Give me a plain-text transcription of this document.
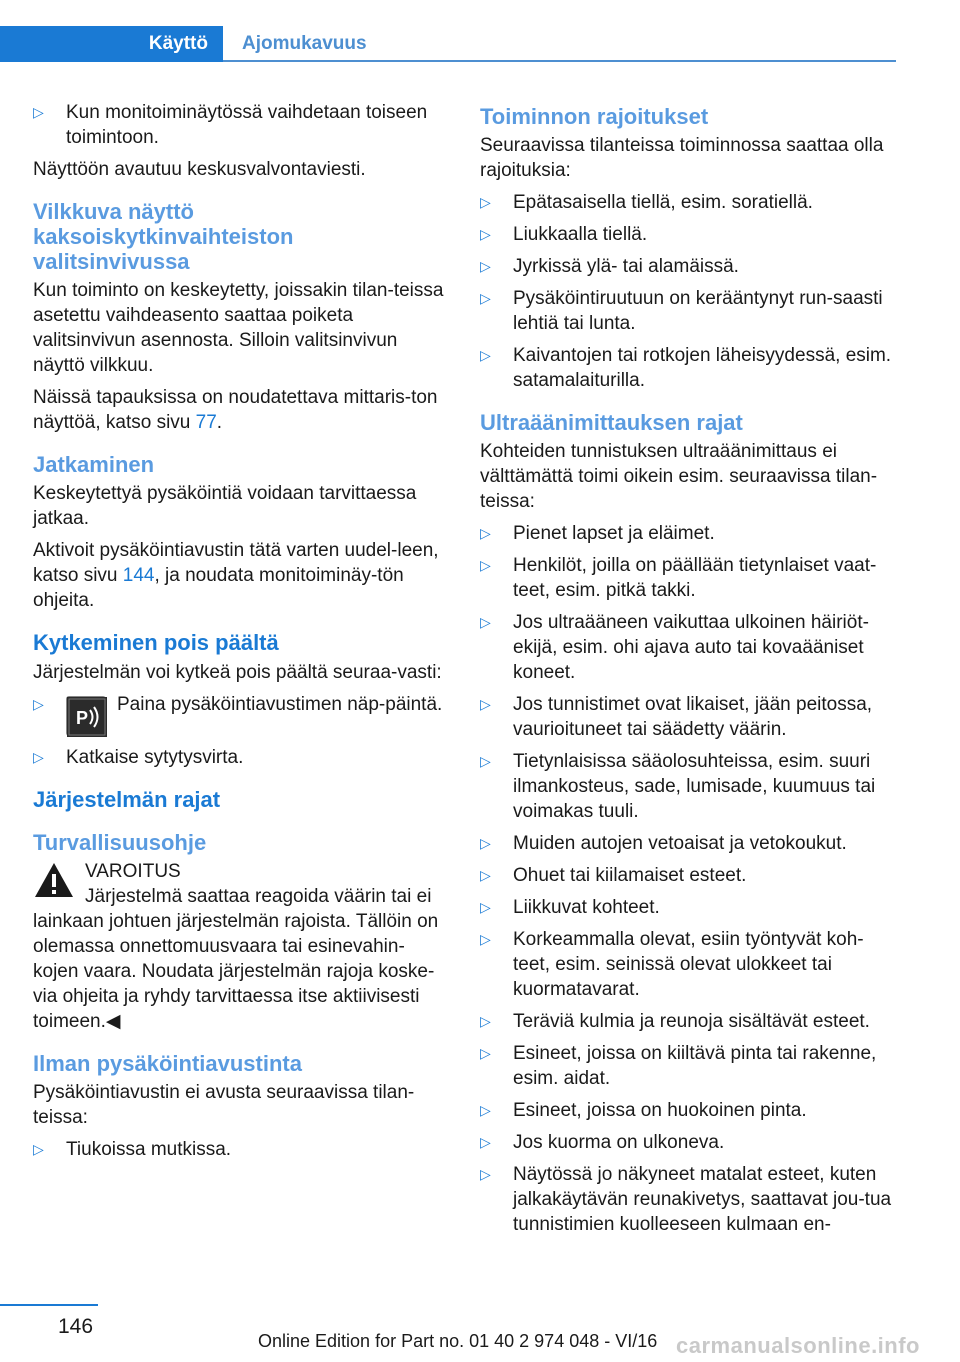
Käyttö	Ajomukavuus
▷ Kun monitoiminäytössä vaihdetaan toiseen toimintoon.
Näyttöön avautuu keskusvalvontaviesti.
Vilkkuva näyttö kaksoiskytkinvaihteiston valitsinvivussa
Kun toiminto on keskeytetty, joissakin tilan‐teissa asetettu vaihdeasento saattaa poiketa valitsinvivun asennosta. Silloin valitsinvivun näyttö vilkkuu.
Näissä tapauksissa on noudatettava mittaris‐ton näyttöä, katso sivu 77.
Jatkaminen
Keskeytettyä pysäköintiä voidaan tarvittaessa jatkaa.
Aktivoit pysäköintiavustin tätä varten uudel‐leen, katso sivu 144, ja noudata monitoiminäy‐tön ohjeita.
Kytkeminen pois päältä
Järjestelmän voi kytkeä pois päältä seuraa‐vasti:
▷
P
Paina pysäköintiavustimen näp‐päintä.
▷ Katkaise sytytysvirta.
Järjestelmän rajat
Turvallisuusohje
VAROITUS
Järjestelmä saattaa reagoida väärin tai ei lainkaan johtuen järjestelmän rajoista. Tällöin on olemassa onnettomuusvaara tai esinevahin‐kojen vaara. Noudata järjestelmän rajoja koske‐via ohjeita ja ryhdy tarvittaessa itse aktiivisesti toimeen.◀
Ilman pysäköintiavustinta
Pysäköintiavustin ei avusta seuraavissa tilan‐teissa:
▷ Tiukoissa mutkissa.
Toiminnon rajoitukset
Seuraavissa tilanteissa toiminnossa saattaa olla rajoituksia:
▷ Epätasaisella tiellä, esim. soratiellä.
▷ Liukkaalla tiellä.
▷ Jyrkissä ylä- tai alamäissä.
▷ Pysäköintiruutuun on kerääntynyt run‐saasti lehtiä tai lunta.
▷ Kaivantojen tai rotkojen läheisyydessä, esim. satamalaiturilla.
Ultraäänimittauksen rajat
Kohteiden tunnistuksen ultraäänimittaus ei välttämättä toimi oikein esim. seuraavissa tilan‐teissa:
▷ Pienet lapset ja eläimet.
▷ Henkilöt, joilla on päällään tietynlaiset vaat‐teet, esim. pitkä takki.
▷ Jos ultraääneen vaikuttaa ulkoinen häiriöt‐ekijä, esim. ohi ajava auto tai kovaääniset koneet.
▷ Jos tunnistimet ovat likaiset, jään peitossa, vaurioituneet tai säädetty väärin.
▷ Tietynlaisissa sääolosuhteissa, esim. suuri ilmankosteus, sade, lumisade, kuumuus tai voimakas tuuli.
▷ Muiden autojen vetoaisat ja vetokoukut.
▷ Ohuet tai kiilamaiset esteet.
▷ Liikkuvat kohteet.
▷ Korkeammalla olevat, esiin työntyvät koh‐teet, esim. seinissä olevat ulokkeet tai kuormatavarat.
▷ Teräviä kulmia ja reunoja sisältävät esteet.
▷ Esineet, joissa on kiiltävä pinta tai rakenne, esim. aidat.
▷ Esineet, joissa on huokoinen pinta.
▷ Jos kuorma on ulkoneva.
▷ Näytössä jo näkyneet matalat esteet, kuten jalkakäytävän reunakivetys, saattavat jou‐tua tunnistimien kuolleeseen kulmaan en‐
146
Online Edition for Part no. 01 40 2 974 048 - VI/16 carmanualsonline.info
